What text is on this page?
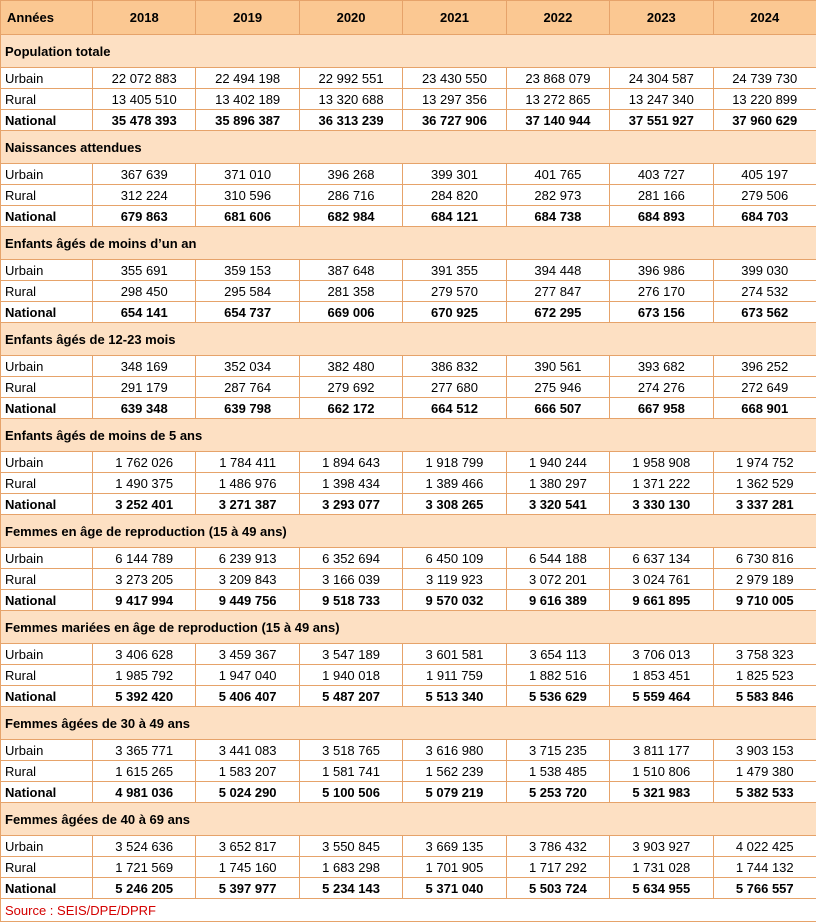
Années	2018	2019	2020	2021	2022	2023	2024
Population totale							
Urbain	22 072 883	22 494 198	22 992 551	23 430 550	23 868 079	24 304 587	24 739 730
Rural	13 405 510	13 402 189	13 320 688	13 297 356	13 272 865	13 247 340	13 220 899
National	35 478 393	35 896 387	36 313 239	36 727 906	37 140 944	37 551 927	37 960 629
Naissances attendues							
Urbain	367 639	371 010	396 268	399 301	401 765	403 727	405 197
Rural	312 224	310 596	286 716	284 820	282 973	281 166	279 506
National	679 863	681 606	682 984	684 121	684 738	684 893	684 703
Enfants âgés de moins d’un an							
Urbain	355 691	359 153	387 648	391 355	394 448	396 986	399 030
Rural	298 450	295 584	281 358	279 570	277 847	276 170	274 532
National	654 141	654 737	669 006	670 925	672 295	673 156	673 562
Enfants âgés de 12-23 mois							
Urbain	348 169	352 034	382 480	386 832	390 561	393 682	396 252
Rural	291 179	287 764	279 692	277 680	275 946	274 276	272 649
National	639 348	639 798	662 172	664 512	666 507	667 958	668 901
Enfants âgés de moins de 5 ans							
Urbain	1 762 026	1 784 411	1 894 643	1 918 799	1 940 244	1 958 908	1 974 752
Rural	1 490 375	1 486 976	1 398 434	1 389 466	1 380 297	1 371 222	1 362 529
National	3 252 401	3 271 387	3 293 077	3 308 265	3 320 541	3 330 130	3 337 281
Femmes en âge de reproduction (15 à 49 ans)							
Urbain	6 144 789	6 239 913	6 352 694	6 450 109	6 544 188	6 637 134	6 730 816
Rural	3 273 205	3 209 843	3 166 039	3 119 923	3 072 201	3 024 761	2 979 189
National	9 417 994	9 449 756	9 518 733	9 570 032	9 616 389	9 661 895	9 710 005
Femmes mariées en âge de reproduction (15 à 49 ans)							
Urbain	3 406 628	3 459 367	3 547 189	3 601 581	3 654 113	3 706 013	3 758 323
Rural	1 985 792	1 947 040	1 940 018	1 911 759	1 882 516	1 853 451	1 825 523
National	5 392 420	5 406 407	5 487 207	5 513 340	5 536 629	5 559 464	5 583 846
Femmes âgées de 30 à 49 ans							
Urbain	3 365 771	3 441 083	3 518 765	3 616 980	3 715 235	3 811 177	3 903 153
Rural	1 615 265	1 583 207	1 581 741	1 562 239	1 538 485	1 510 806	1 479 380
National	4 981 036	5 024 290	5 100 506	5 079 219	5 253 720	5 321 983	5 382 533
Femmes âgées de 40 à 69 ans							
Urbain	3 524 636	3 652 817	3 550 845	3 669 135	3 786 432	3 903 927	4 022 425
Rural	1 721 569	1 745 160	1 683 298	1 701 905	1 717 292	1 731 028	1 744 132
National	5 246 205	5 397 977	5 234 143	5 371 040	5 503 724	5 634 955	5 766 557
Source : SEIS/DPE/DPRF							
